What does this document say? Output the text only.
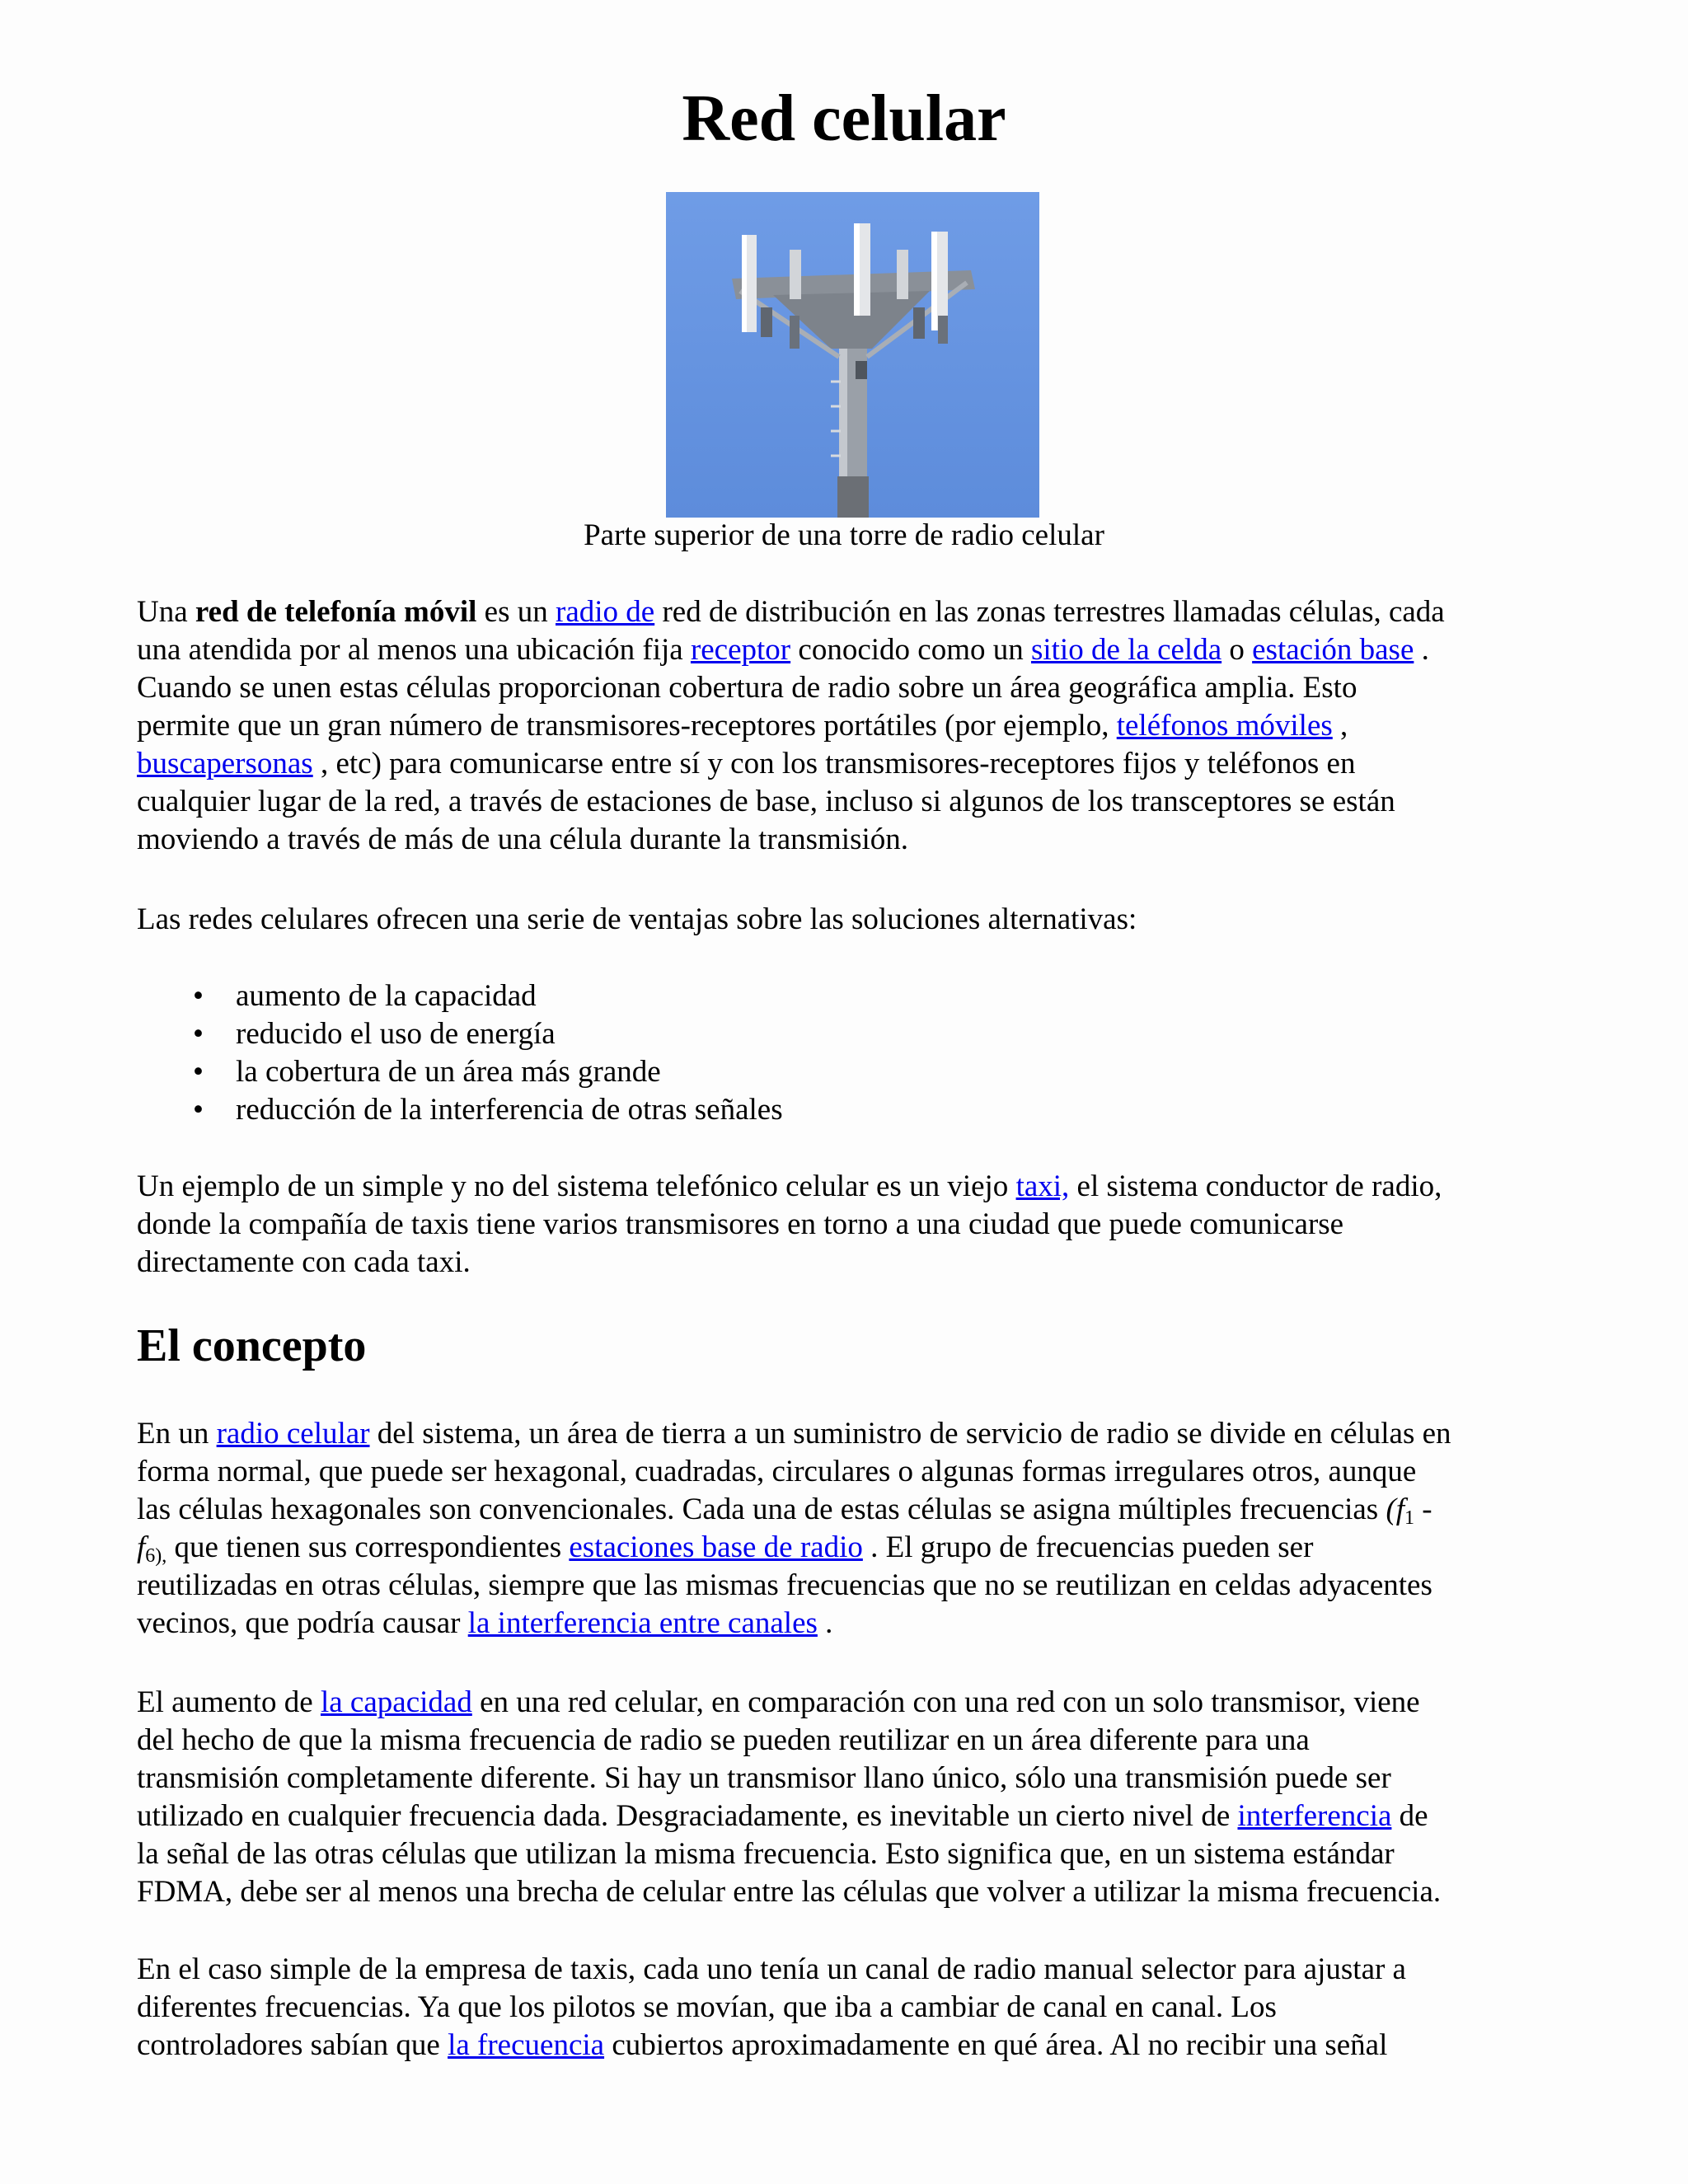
Red celular
Parte superior de una torre de radio celular

Una red de telefonía móvil es un radio de red de distribución en las zonas terrestres llamadas células, cada
una atendida por al menos una ubicación fija receptor conocido como un sitio de la celda o estación base .
Cuando se unen estas células proporcionan cobertura de radio sobre un área geográfica amplia. Esto
permite que un gran número de transmisores-receptores portátiles (por ejemplo, teléfonos móviles ,
buscapersonas , etc) para comunicarse entre sí y con los transmisores-receptores fijos y teléfonos en
cualquier lugar de la red, a través de estaciones de base, incluso si algunos de los transceptores se están
moviendo a través de más de una célula durante la transmisión.

Las redes celulares ofrecen una serie de ventajas sobre las soluciones alternativas:

• aumento de la capacidad
• reducido el uso de energía
• la cobertura de un área más grande
• reducción de la interferencia de otras señales

Un ejemplo de un simple y no del sistema telefónico celular es un viejo taxi, el sistema conductor de radio,
donde la compañía de taxis tiene varios transmisores en torno a una ciudad que puede comunicarse
directamente con cada taxi.

El concepto

En un radio celular del sistema, un área de tierra a un suministro de servicio de radio se divide en células en
forma normal, que puede ser hexagonal, cuadradas, circulares o algunas formas irregulares otros, aunque
las células hexagonales son convencionales. Cada una de estas células se asigna múltiples frecuencias ($f_1$ -
$f_{6),}$ que tienen sus correspondientes estaciones base de radio . El grupo de frecuencias pueden ser
reutilizadas en otras células, siempre que las mismas frecuencias que no se reutilizan en celdas adyacentes
vecinos, que podría causar la interferencia entre canales .

El aumento de la capacidad en una red celular, en comparación con una red con un solo transmisor, viene
del hecho de que la misma frecuencia de radio se pueden reutilizar en un área diferente para una
transmisión completamente diferente. Si hay un transmisor llano único, sólo una transmisión puede ser
utilizado en cualquier frecuencia dada. Desgraciadamente, es inevitable un cierto nivel de interferencia de
la señal de las otras células que utilizan la misma frecuencia. Esto significa que, en un sistema estándar
FDMA, debe ser al menos una brecha de celular entre las células que volver a utilizar la misma frecuencia.

En el caso simple de la empresa de taxis, cada uno tenía un canal de radio manual selector para ajustar a
diferentes frecuencias. Ya que los pilotos se movían, que iba a cambiar de canal en canal. Los
controladores sabían que la frecuencia cubiertos aproximadamente en qué área. Al no recibir una señal
